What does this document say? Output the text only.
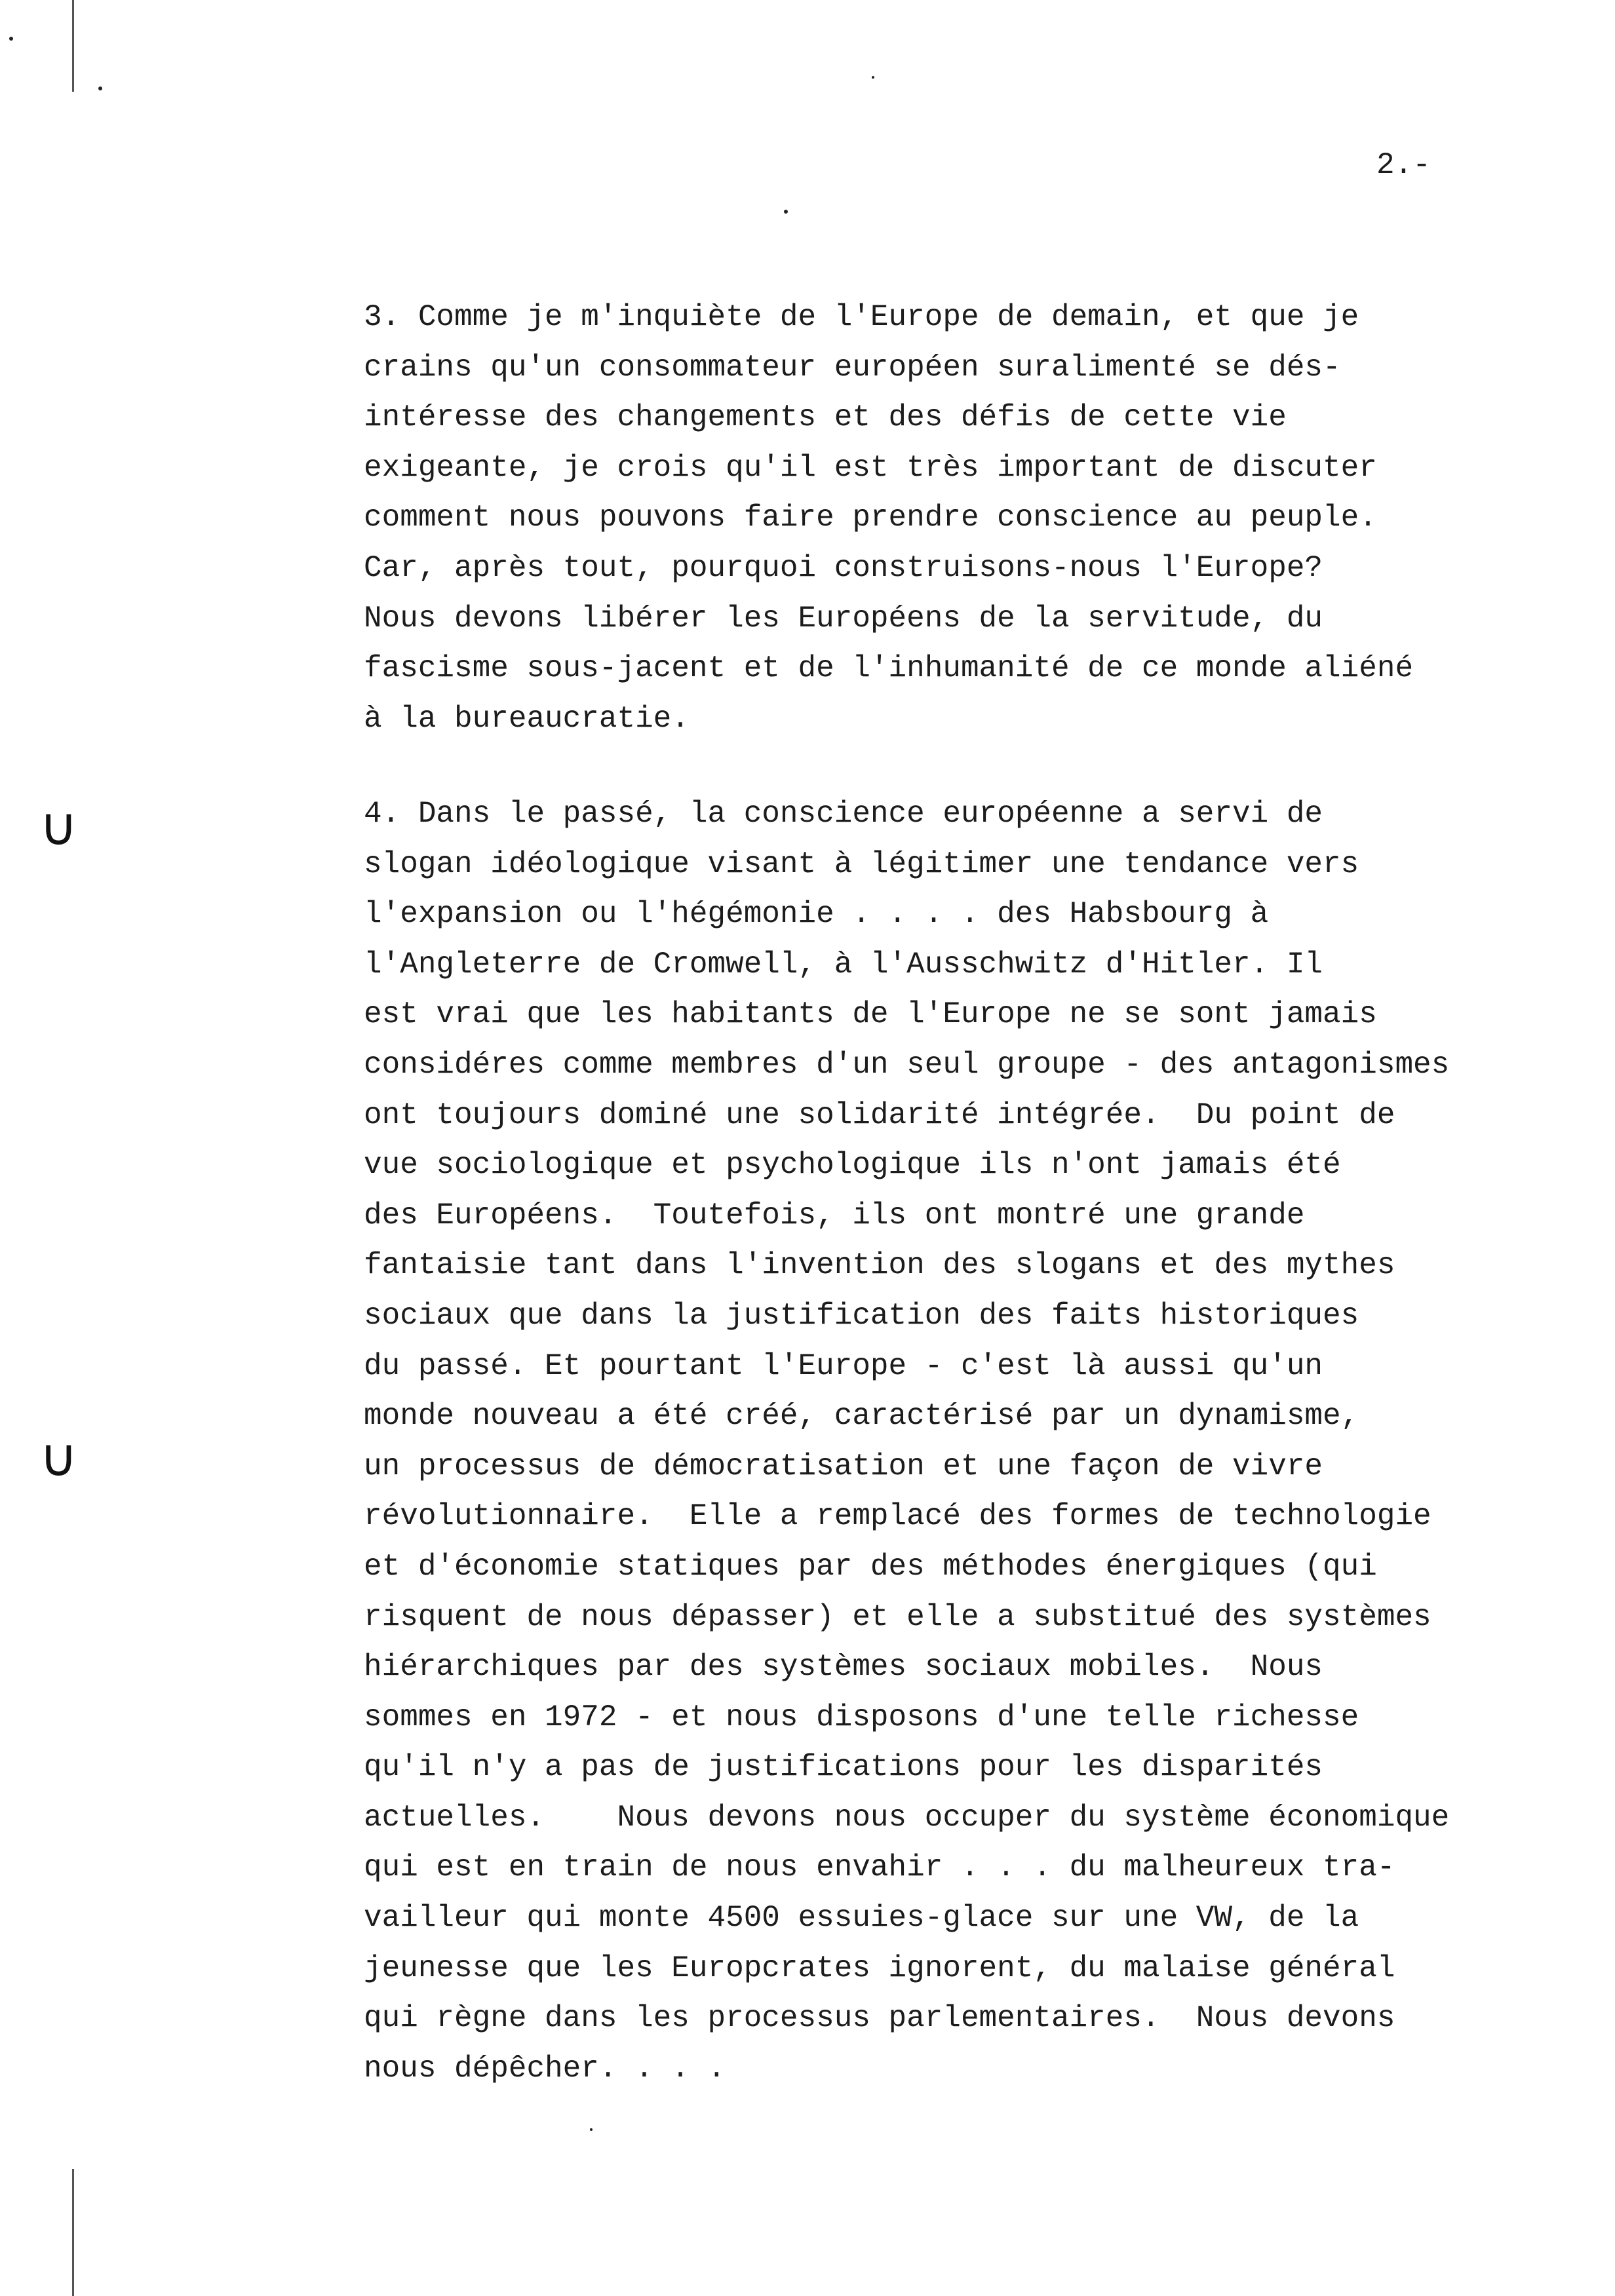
∪
∪
2.-
3. Comme je m'inquiète de l'Europe de demain, et que je
crains qu'un consommateur européen suralimenté se dés-
intéresse des changements et des défis de cette vie
exigeante, je crois qu'il est très important de discuter
comment nous pouvons faire prendre conscience au peuple.
Car, après tout, pourquoi construisons-nous l'Europe?
Nous devons libérer les Européens de la servitude, du
fascisme sous-jacent et de l'inhumanité de ce monde aliéné
à la bureaucratie.
4. Dans le passé, la conscience européenne a servi de
slogan idéologique visant à légitimer une tendance vers
l'expansion ou l'hégémonie . . . . des Habsbourg à
l'Angleterre de Cromwell, à l'Ausschwitz d'Hitler. Il
est vrai que les habitants de l'Europe ne se sont jamais
considéres comme membres d'un seul groupe - des antagonismes
ont toujours dominé une solidarité intégrée.  Du point de
vue sociologique et psychologique ils n'ont jamais été
des Européens.  Toutefois, ils ont montré une grande
fantaisie tant dans l'invention des slogans et des mythes
sociaux que dans la justification des faits historiques
du passé. Et pourtant l'Europe - c'est là aussi qu'un
monde nouveau a été créé, caractérisé par un dynamisme,
un processus de démocratisation et une façon de vivre
révolutionnaire.  Elle a remplacé des formes de technologie
et d'économie statiques par des méthodes énergiques (qui
risquent de nous dépasser) et elle a substitué des systèmes
hiérarchiques par des systèmes sociaux mobiles.  Nous
sommes en 1972 - et nous disposons d'une telle richesse
qu'il n'y a pas de justifications pour les disparités
actuelles.    Nous devons nous occuper du système économique
qui est en train de nous envahir . . . du malheureux tra-
vailleur qui monte 4500 essuies-glace sur une VW, de la
jeunesse que les Europcrates ignorent, du malaise général
qui règne dans les processus parlementaires.  Nous devons
nous dépêcher. . . .
